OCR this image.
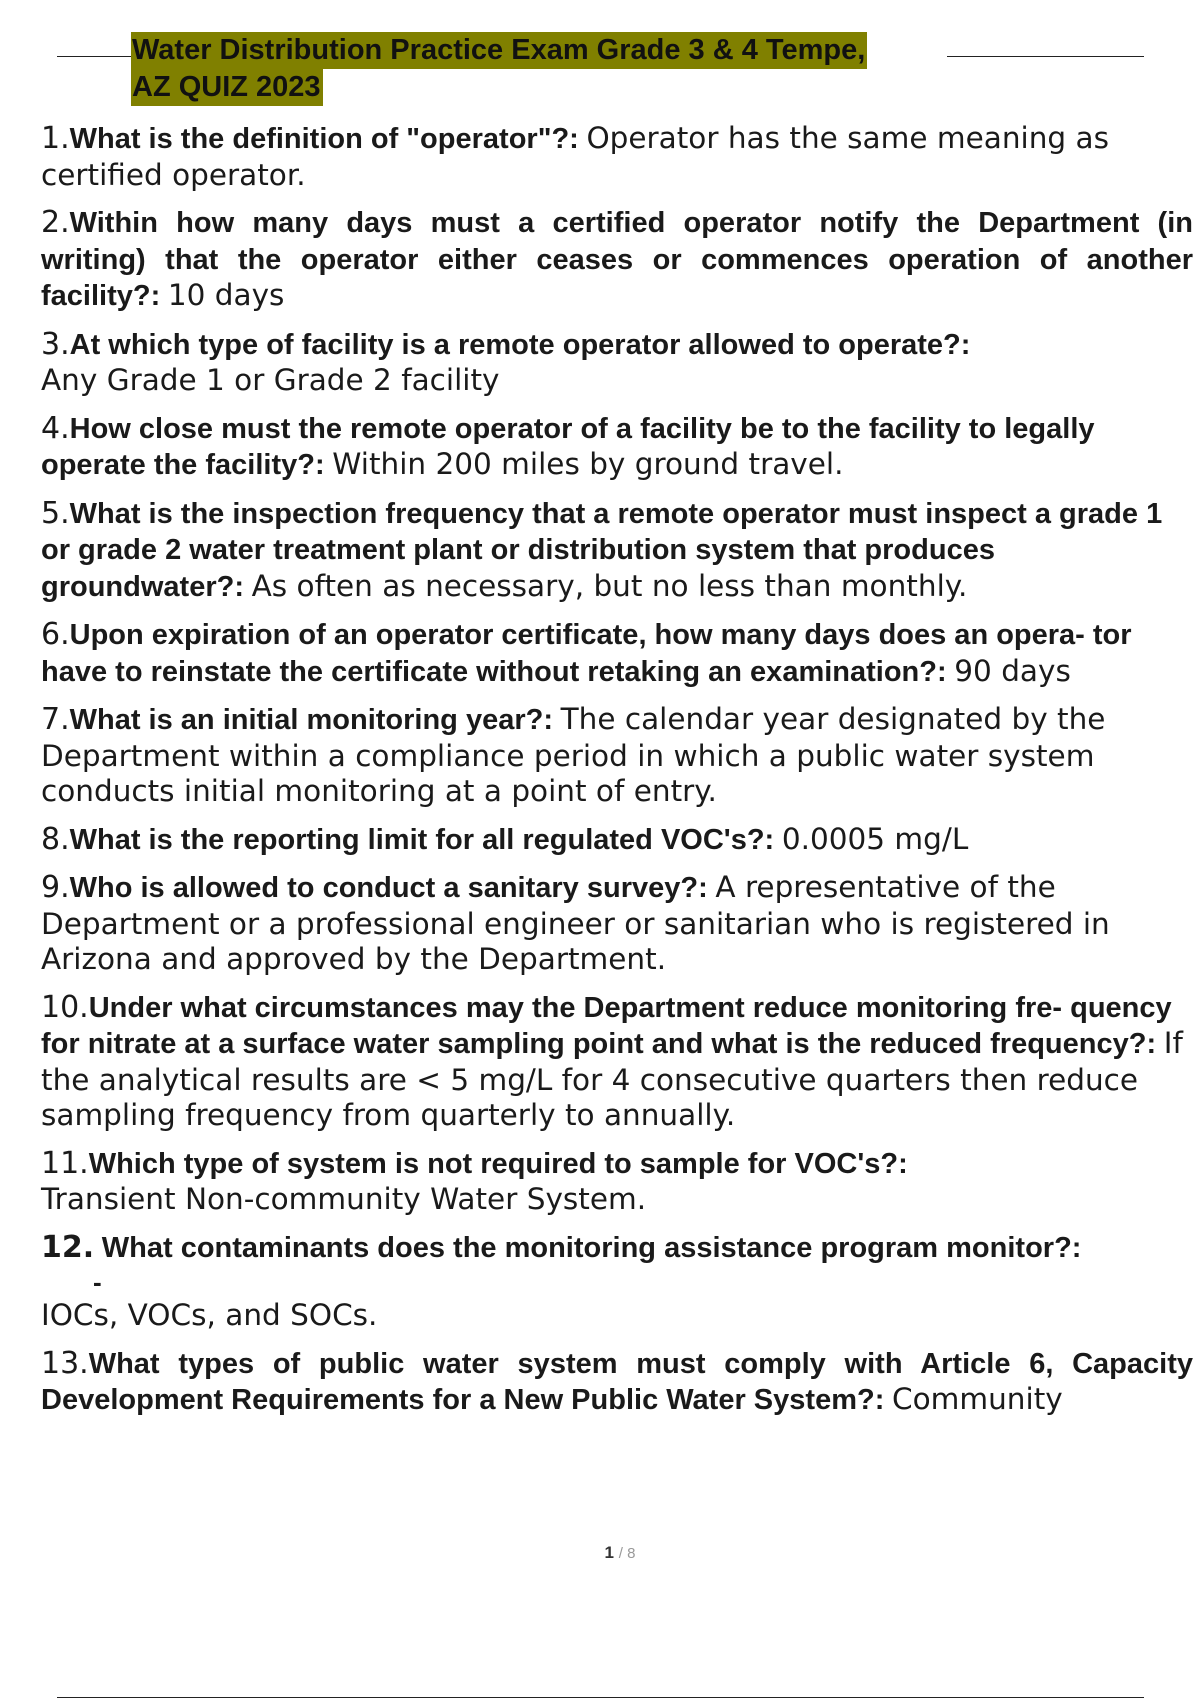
Water Distribution Practice Exam Grade 3 & 4 Tempe,
AZ QUIZ 2023
1.What is the definition of "operator"?: Operator has the same meaning as certified operator.
2.Within how many days must a certified operator notify the Department (in writing) that the operator either ceases or commences operation of another facility?: 10 days
3.At which type of facility is a remote operator allowed to operate?:
Any Grade 1 or Grade 2 facility
4.How close must the remote operator of a facility be to the facility to legally operate the facility?: Within 200 miles by ground travel.
5.What is the inspection frequency that a remote operator must inspect a grade 1 or grade 2 water treatment plant or distribution system that produces groundwater?: As often as necessary, but no less than monthly.
6.Upon expiration of an operator certificate, how many days does an opera- tor have to reinstate the certificate without retaking an examination?: 90 days
7.What is an initial monitoring year?: The calendar year designated by the Department within a compliance period in which a public water system conducts initial monitoring at a point of entry.
8.What is the reporting limit for all regulated VOC's?: 0.0005 mg/L
9.Who is allowed to conduct a sanitary survey?: A representative of the Department or a professional engineer or sanitarian who is registered in Arizona and approved by the Department.
10.Under what circumstances may the Department reduce monitoring fre- quency for nitrate at a surface water sampling point and what is the reduced frequency?: If the analytical results are < 5 mg/L for 4 consecutive quarters then reduce sampling frequency from quarterly to annually.
11.Which type of system is not required to sample for VOC's?:
Transient Non-community Water System.
12. What contaminants does the monitoring assistance program monitor?:
-
IOCs, VOCs, and SOCs.
13.What types of public water system must comply with Article 6, Capacity Development Requirements for a New Public Water System?: Community
1 / 8
